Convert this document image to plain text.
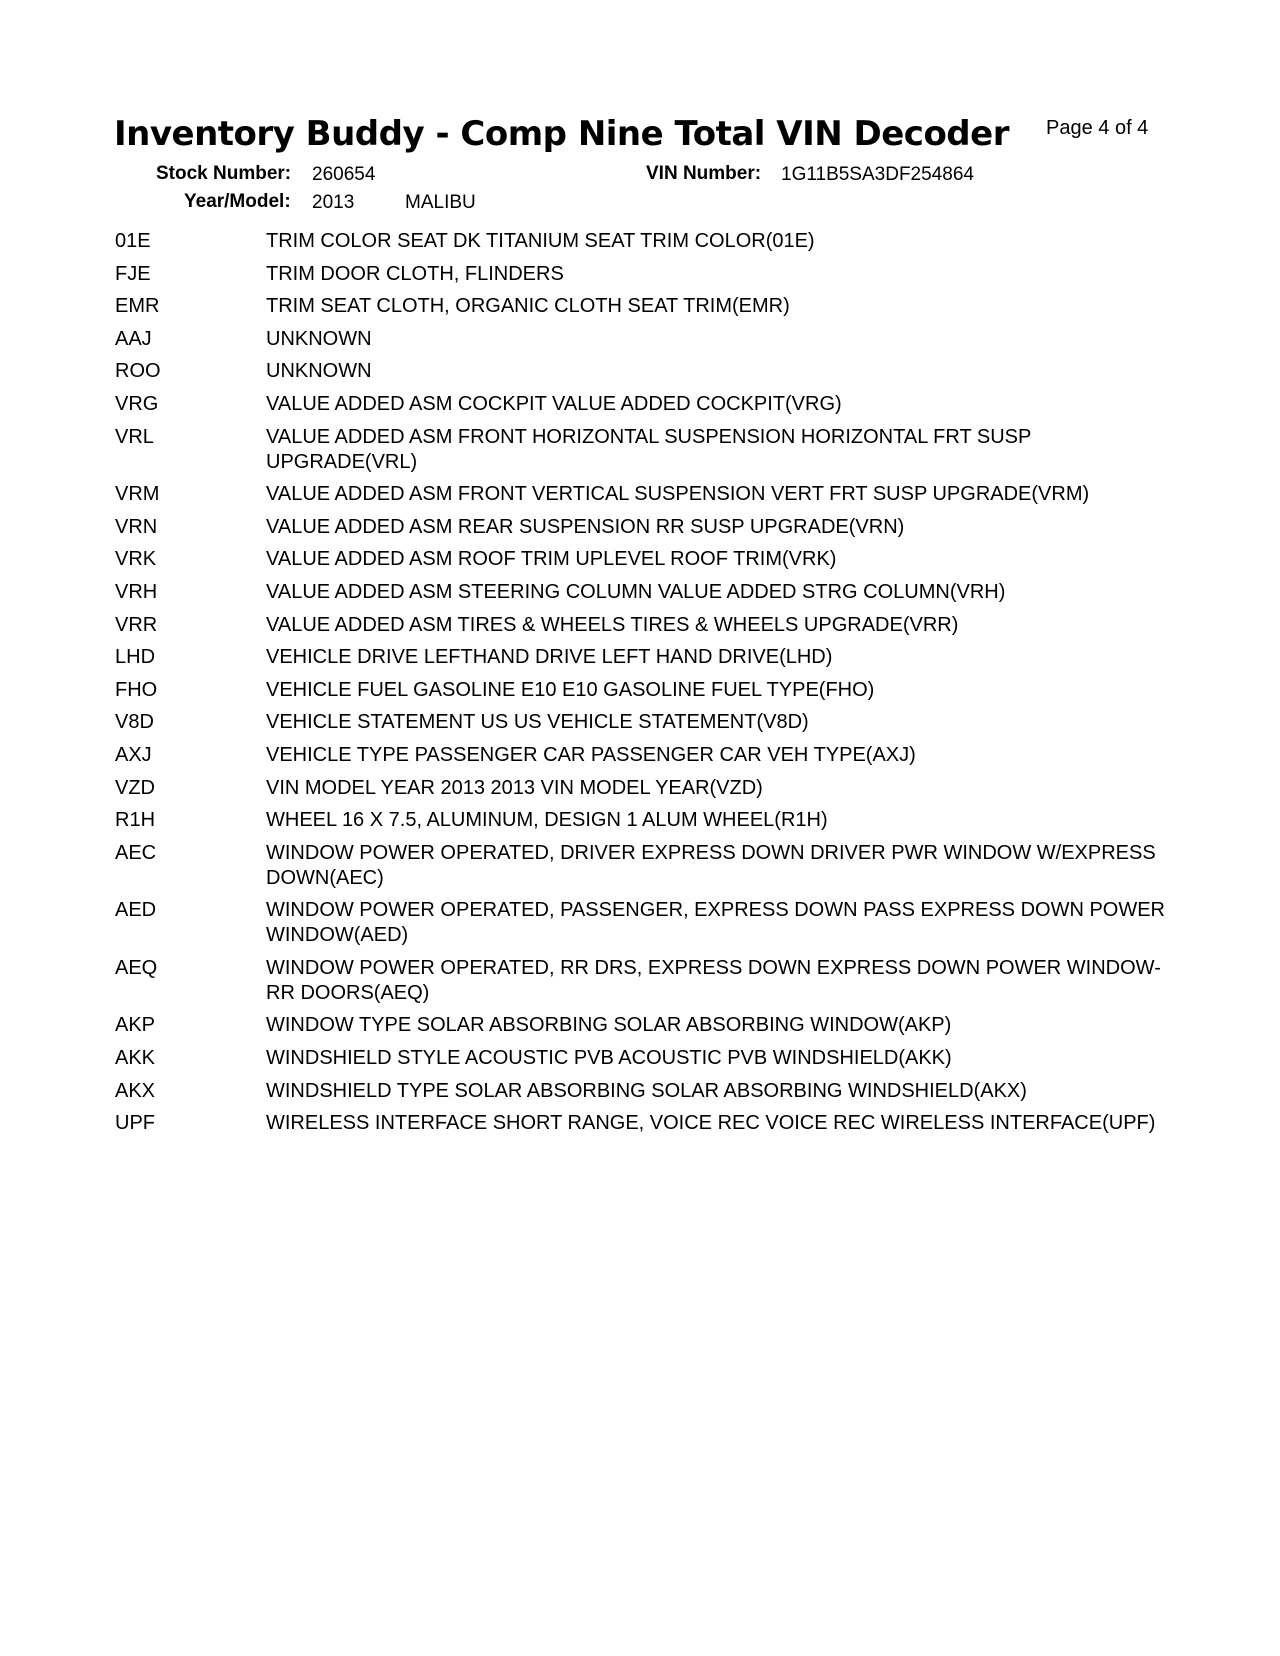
Inventory Buddy - Comp Nine Total VIN Decoder Page 4 of 4
Stock Number: 260654	VIN Number: 1G11B5SA3DF254864
Year/Model: 2013	MALIBU
01E	TRIM COLOR SEAT DK TITANIUM SEAT TRIM COLOR(01E)
FJE	TRIM DOOR CLOTH, FLINDERS
EMR	TRIM SEAT CLOTH, ORGANIC CLOTH SEAT TRIM(EMR)
AAJ	UNKNOWN
ROO	UNKNOWN
VRG	VALUE ADDED ASM COCKPIT VALUE ADDED COCKPIT(VRG)
VRL	VALUE ADDED ASM FRONT HORIZONTAL SUSPENSION HORIZONTAL FRT SUSP UPGRADE(VRL)
VRM	VALUE ADDED ASM FRONT VERTICAL SUSPENSION VERT FRT SUSP UPGRADE(VRM)
VRN	VALUE ADDED ASM REAR SUSPENSION RR SUSP UPGRADE(VRN)
VRK	VALUE ADDED ASM ROOF TRIM UPLEVEL ROOF TRIM(VRK)
VRH	VALUE ADDED ASM STEERING COLUMN VALUE ADDED STRG COLUMN(VRH)
VRR	VALUE ADDED ASM TIRES & WHEELS TIRES & WHEELS UPGRADE(VRR)
LHD	VEHICLE DRIVE LEFTHAND DRIVE LEFT HAND DRIVE(LHD)
FHO	VEHICLE FUEL GASOLINE E10 E10 GASOLINE FUEL TYPE(FHO)
V8D	VEHICLE STATEMENT US US VEHICLE STATEMENT(V8D)
AXJ	VEHICLE TYPE PASSENGER CAR PASSENGER CAR VEH TYPE(AXJ)
VZD	VIN MODEL YEAR 2013 2013 VIN MODEL YEAR(VZD)
R1H	WHEEL 16 X 7.5, ALUMINUM, DESIGN 1 ALUM WHEEL(R1H)
AEC	WINDOW POWER OPERATED, DRIVER EXPRESS DOWN DRIVER PWR WINDOW W/EXPRESS DOWN(AEC)
AED	WINDOW POWER OPERATED, PASSENGER, EXPRESS DOWN PASS EXPRESS DOWN POWER WINDOW(AED)
AEQ	WINDOW POWER OPERATED, RR DRS, EXPRESS DOWN EXPRESS DOWN POWER WINDOW-RR DOORS(AEQ)
AKP	WINDOW TYPE SOLAR ABSORBING SOLAR ABSORBING WINDOW(AKP)
AKK	WINDSHIELD STYLE ACOUSTIC PVB ACOUSTIC PVB WINDSHIELD(AKK)
AKX	WINDSHIELD TYPE SOLAR ABSORBING SOLAR ABSORBING WINDSHIELD(AKX)
UPF	WIRELESS INTERFACE SHORT RANGE, VOICE REC VOICE REC WIRELESS INTERFACE(UPF)
